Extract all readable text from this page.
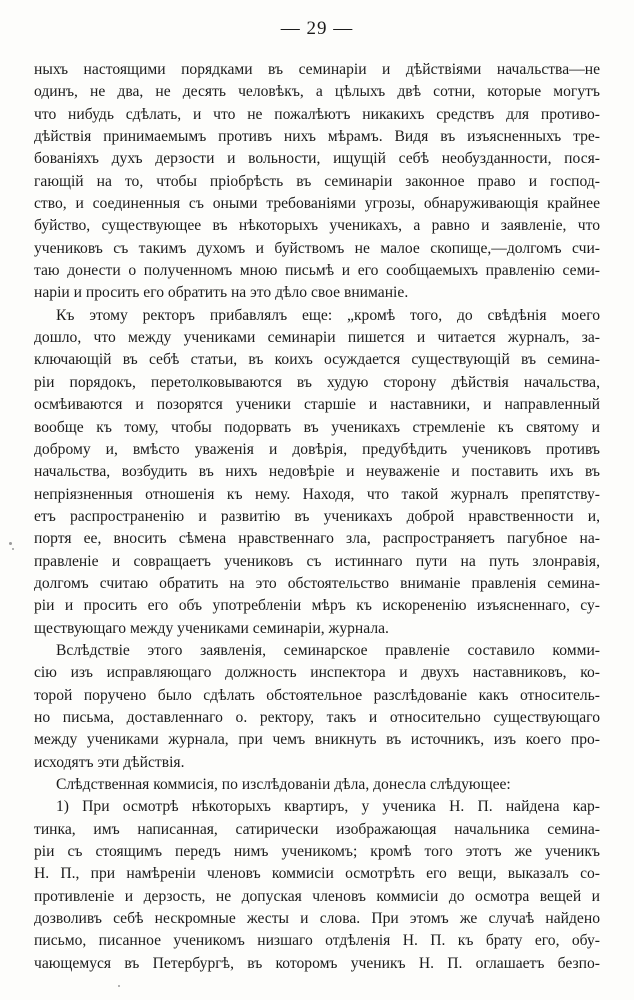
— 29 —
ныхъ настоящими порядками въ семинаріи и дѣйствіями начальства—не
одинъ, не два, не десять человѣкъ, а цѣлыхъ двѣ сотни, которые могутъ
что нибудь сдѣлать, и что не пожалѣютъ никакихъ средствъ для противо-
дѣйствія принимаемымъ противъ нихъ мѣрамъ. Видя въ изъясненныхъ тре-
бованіяхъ духъ дерзости и вольности, ищущій себѣ необузданности, пося-
гающій на то, чтобы пріобрѣсть въ семинаріи законное право и господ-
ство, и соединенныя съ оными требованіями угрозы, обнаруживающія крайнее
буйство, существующее въ нѣкоторыхъ ученикахъ, а равно и заявленіе, что
учениковъ съ такимъ духомъ и буйствомъ не малое скопище,—долгомъ счи-
таю донести о полученномъ мною письмѣ и его сообщаемыхъ правленію семи-
наріи и просить его обратить на это дѣло свое вниманіе.
Къ этому ректоръ прибавлялъ еще: „кромѣ того, до свѣдѣнія моего
дошло, что между учениками семинаріи пишется и читается журналъ, за-
ключающій въ себѣ статьи, въ коихъ осуждается существующій въ семина-
ріи порядокъ, перетолковываются въ худую сторону дѣйствія начальства,
осмѣиваются и позорятся ученики старшіе и наставники, и направленный
вообще къ тому, чтобы подорвать въ ученикахъ стремленіе къ святому и
доброму и, вмѣсто уваженія и довѣрія, предубѣдить учениковъ противъ
начальства, возбудить въ нихъ недовѣріе и неуваженіе и поставить ихъ въ
непріязненныя отношенія къ нему. Находя, что такой журналъ препятству-
етъ распространенію и развитію въ ученикахъ доброй нравственности и,
портя ее, вносить сѣмена нравственнаго зла, распространяетъ пагубное на-
правленіе и совращаетъ учениковъ съ истиннаго пути на путь злонравія,
долгомъ считаю обратить на это обстоятельство вниманіе правленія семина-
ріи и просить его объ употребленіи мѣръ къ искорененію изъясненнаго, су-
ществующаго между учениками семинаріи, журнала.
Вслѣдствіе этого заявленія, семинарское правленіе составило комми-
сію изъ исправляющаго должность инспектора и двухъ наставниковъ, ко-
торой поручено было сдѣлать обстоятельное разслѣдованіе какъ относитель-
но письма, доставленнаго о. ректору, такъ и относительно существующаго
между учениками журнала, при чемъ вникнуть въ источникъ, изъ коего про-
исходятъ эти дѣйствія.
Слѣдственная коммисія, по изслѣдованіи дѣла, донесла слѣдующее:
1) При осмотрѣ нѣкоторыхъ квартиръ, у ученика Н. П. найдена кар-
тинка, имъ написанная, сатирически изображающая начальника семина-
ріи съ стоящимъ передъ нимъ ученикомъ; кромѣ того этотъ же ученикъ
Н. П., при намѣреніи членовъ коммисіи осмотрѣть его вещи, выказалъ со-
противленіе и дерзость, не допуская членовъ коммисіи до осмотра вещей и
дозволивъ себѣ нескромные жесты и слова. При этомъ же случаѣ найдено
письмо, писанное ученикомъ низшаго отдѣленія Н. П. къ брату его, обу-
чающемуся въ Петербургѣ, въ которомъ ученикъ Н. П. оглашаетъ безпо-
